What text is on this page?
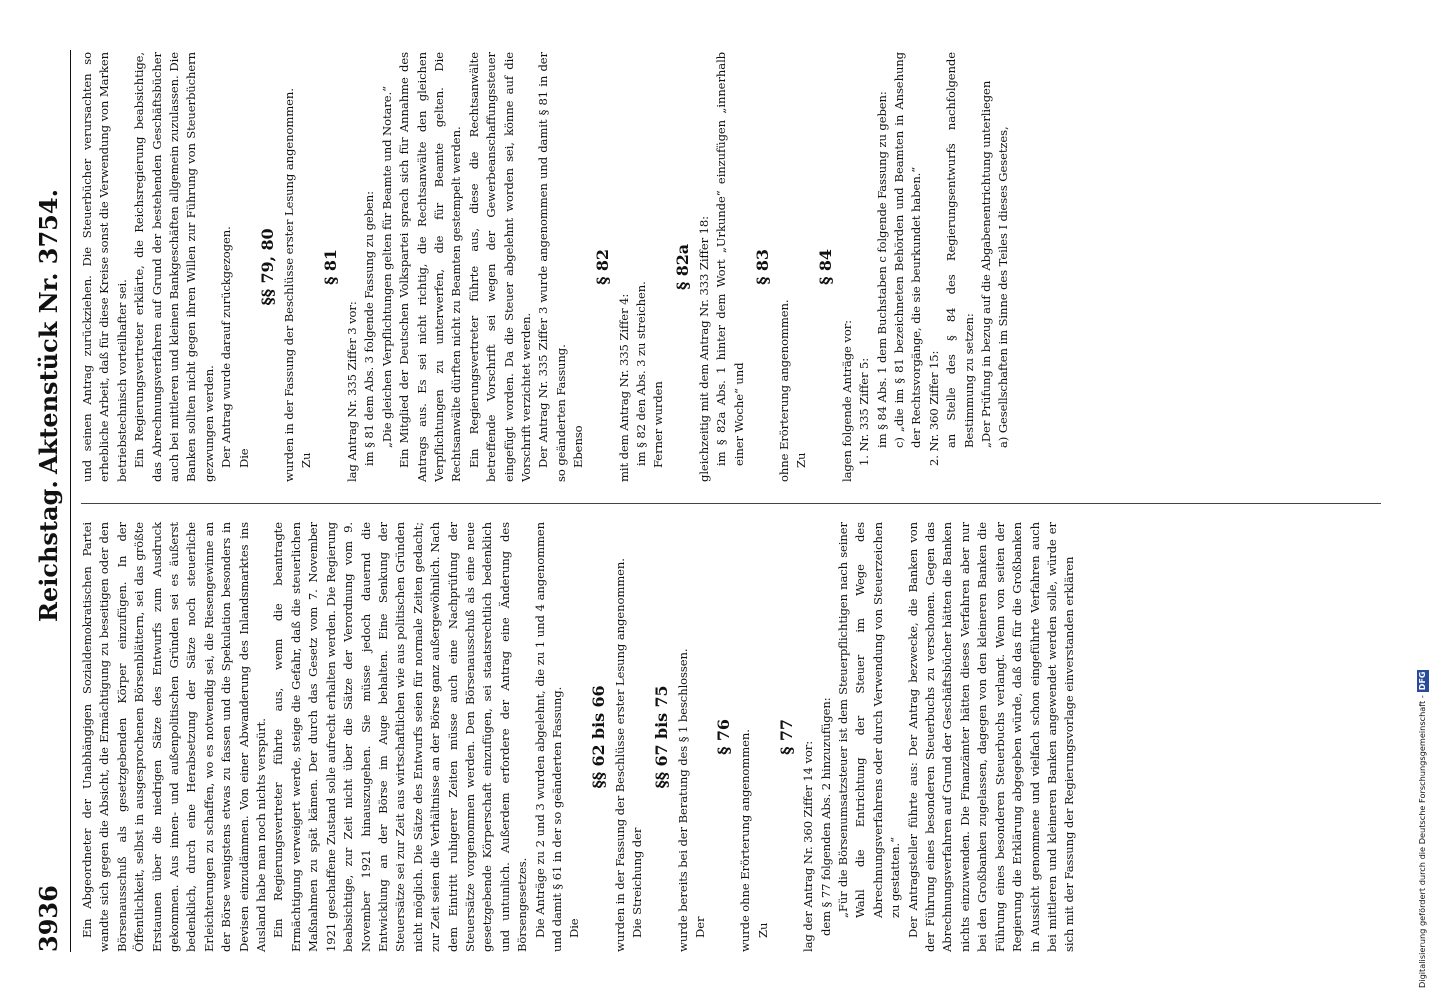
3936
Reichstag.
Aktenstück Nr. 3754.

Ein Abgeordneter der Unabhängigen Sozialdemokratischen Partei wandte sich gegen die Absicht, die Ermächtigung zu beseitigen oder den Börsenausschuß als gesetzgebenden Körper einzufügen. In der Öffentlichkeit, selbst in ausgesprochenen Börsenblättern, sei das größte Erstaunen über die niedrigen Sätze des Entwurfs zum Ausdruck gekommen. Aus innen- und außenpolitischen Gründen sei es äußerst bedenklich, durch eine Herabsetzung der Sätze noch steuerliche Erleichterungen zu schaffen, wo es notwendig sei, die Riesengewinne an der Börse wenigstens etwas zu fassen und die Spekulation besonders in Devisen einzudämmen. Von einer Abwanderung des Inlandsmarktes ins Ausland habe man noch nichts verspürt. Ein Regierungsvertreter führte aus, wenn die beantragte Ermächtigung verweigert werde, steige die Gefahr, daß die steuerlichen Maßnahmen zu spät kämen. Der durch das Gesetz vom 7. November 1921 geschaffene Zustand solle aufrecht erhalten werden. Die Regierung beabsichtige, zur Zeit nicht über die Sätze der Verordnung vom 9. November 1921 hinauszugehen. Sie müsse jedoch dauernd die Entwicklung an der Börse im Auge behalten. Eine Senkung der Steuersätze sei zur Zeit aus wirtschaftlichen wie aus politischen Gründen nicht möglich. Die Sätze des Entwurfs seien für normale Zeiten gedacht; zur Zeit seien die Verhältnisse an der Börse ganz außergewöhnlich. Nach dem Eintritt ruhigerer Zeiten müsse auch eine Nachprüfung der Steuersätze vorgenommen werden. Den Börsenausschuß als eine neue gesetzgebende Körperschaft einzufügen, sei staatsrechtlich bedenklich und untunlich. Außerdem erfordere der Antrag eine Änderung des Börsengesetzes. Die Anträge zu 2 und 3 wurden abgelehnt, die zu 1 und 4 angenommen und damit § 61 in der so geänderten Fassung. Die

§§ 62 bis 66 wurden in der Fassung der Beschlüsse erster Lesung angenommen. Die Streichung der

§§ 67 bis 75 wurde bereits bei der Beratung des § 1 beschlossen. Der

§ 76 wurde ohne Erörterung angenommen. Zu

§ 77

lag der Antrag Nr. 360 Ziffer 14 vor: dem § 77 folgenden Abs. 2 hinzuzufügen: „Für die Börsenumsatzsteuer ist dem Steuerpflichtigen nach seiner Wahl die Entrichtung der Steuer im Wege des Abrechnungsverfahrens oder durch Verwendung von Steuerzeichen zu gestatten.“ Der Antragsteller führte aus: Der Antrag bezwecke, die Banken von der Führung eines besonderen Steuerbuchs zu verschonen. Gegen das Abrechnungsverfahren auf Grund der Geschäftsbücher hätten die Banken nichts einzuwenden. Die Finanzämter hätten dieses Verfahren aber nur bei den Großbanken zugelassen, dagegen von den kleineren Banken die Führung eines besonderen Steuerbuchs verlangt. Wenn von seiten der Regierung die Erklärung abgegeben würde, daß das für die Großbanken in Aussicht genommene und vielfach schon eingeführte Verfahren auch bei mittleren und kleineren Banken angewendet werden solle, würde er sich mit der Fassung der Regierungsvorlage einverstanden erklären

und seinen Antrag zurückziehen. Die Steuerbücher verursachten so erhebliche Arbeit, daß für diese Kreise sonst die Verwendung von Marken betriebstechnisch vorteilhafter sei. Ein Regierungsvertreter erklärte, die Reichsregierung beabsichtige, das Abrechnungsverfahren auf Grund der bestehenden Geschäftsbücher auch bei mittleren und kleinen Bankgeschäften allgemein zuzulassen. Die Banken sollten nicht gegen ihren Willen zur Führung von Steuerbüchern gezwungen werden. Der Antrag wurde darauf zurückgezogen. Die

§§ 79, 80 wurden in der Fassung der Beschlüsse erster Lesung angenommen. Zu

§ 81

lag Antrag Nr. 335 Ziffer 3 vor: im § 81 dem Abs. 3 folgende Fassung zu geben: „Die gleichen Verpflichtungen gelten für Beamte und Notare.“ Ein Mitglied der Deutschen Volkspartei sprach sich für Annahme des Antrags aus. Es sei nicht richtig, die Rechtsanwälte den gleichen Verpflichtungen zu unterwerfen, die für Beamte gelten. Die Rechtsanwälte dürften nicht zu Beamten gestempelt werden. Ein Regierungsvertreter führte aus, diese die Rechtsanwälte betreffende Vorschrift sei wegen der Gewerbeanschaffungssteuer eingefügt worden. Da die Steuer abgelehnt worden sei, könne auf die Vorschrift verzichtet werden. Der Antrag Nr. 335 Ziffer 3 wurde angenommen und damit § 81 in der so geänderten Fassung. Ebenso

§ 82

mit dem Antrag Nr. 335 Ziffer 4: im § 82 den Abs. 3 zu streichen. Ferner wurden

§ 82a gleichzeitig mit dem Antrag Nr. 333 Ziffer 18: im § 82a Abs. 1 hinter dem Wort „Urkunde“ einzufügen „innerhalb einer Woche“ und

§ 83

ohne Erörterung angenommen. Zu

§ 84

lagen folgende Anträge vor: 1. Nr. 335 Ziffer 5: im § 84 Abs. 1 dem Buchstaben c folgende Fassung zu geben: c) „die im § 81 bezeichneten Behörden und Beamten in Ansehung der Rechtsvorgänge, die sie beurkundet haben.“ 2. Nr. 360 Ziffer 15: an Stelle des § 84 des Regierungsentwurfs nachfolgende Bestimmung zu setzen: „Der Prüfung in bezug auf die Abgabenentrichtung unterliegen a) Gesellschaften im Sinne des Teiles I dieses Gesetzes,

Digitalisierung gefördert durch die Deutsche Forschungsgemeinschaft -DFG
